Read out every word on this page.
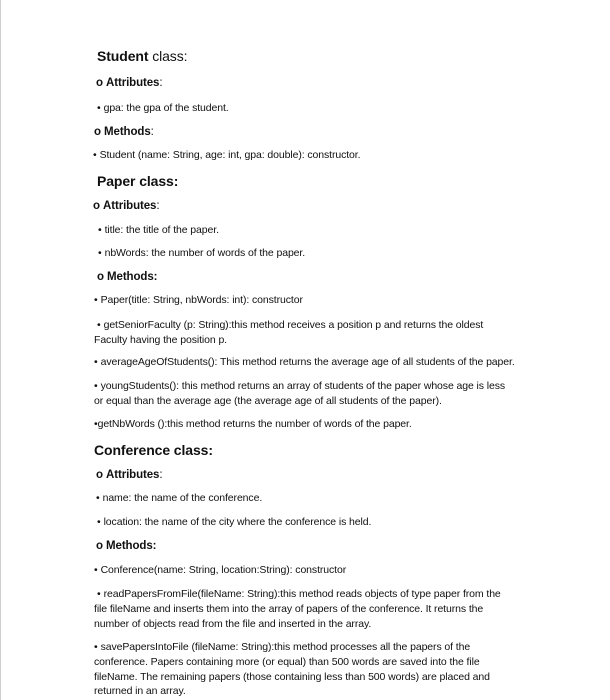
Student class:
o Attributes:
• gpa: the gpa of the student.
o Methods:
• Student (name: String, age: int, gpa: double): constructor.
Paper class:
o Attributes:
• title: the title of the paper.
• nbWords: the number of words of the paper.
o Methods:
• Paper(title: String, nbWords: int): constructor
• getSeniorFaculty (p: String):this method receives a position p and returns the oldest
Faculty having the position p.
• averageAgeOfStudents(): This method returns the average age of all students of the paper.
• youngStudents(): this method returns an array of students of the paper whose age is less
or equal than the average age (the average age of all students of the paper).
•getNbWords ():this method returns the number of words of the paper.
Conference class:
o Attributes:
• name: the name of the conference.
• location: the name of the city where the conference is held.
o Methods:
• Conference(name: String, location:String): constructor
• readPapersFromFile(fileName: String):this method reads objects of type paper from the
file fileName and inserts them into the array of papers of the conference. It returns the
number of objects read from the file and inserted in the array.
• savePapersIntoFile (fileName: String):this method processes all the papers of the
conference. Papers containing more (or equal) than 500 words are saved into the file
fileName. The remaining papers (those containing less than 500 words) are placed and
returned in an array.
